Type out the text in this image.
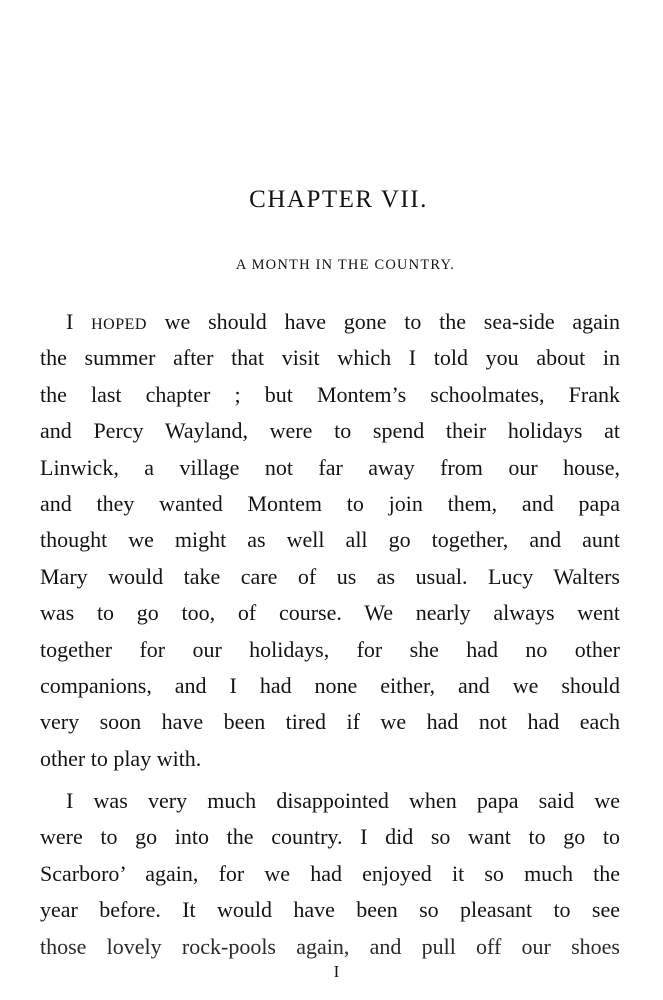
CHAPTER VII.
A MONTH IN THE COUNTRY.
I HOPED we should have gone to the sea-side again
the summer after that visit which I told you about in
the last chapter ; but Montem’s schoolmates, Frank
and Percy Wayland, were to spend their holidays at
Linwick, a village not far away from our house,
and they wanted Montem to join them, and papa
thought we might as well all go together, and aunt
Mary would take care of us as usual. Lucy Walters
was to go too, of course. We nearly always went
together for our holidays, for she had no other
companions, and I had none either, and we should
very soon have been tired if we had not had each
other to play with.
I was very much disappointed when papa said we
were to go into the country. I did so want to go to
Scarboro’ again, for we had enjoyed it so much the
year before. It would have been so pleasant to see
those lovely rock-pools again, and pull off our shoes
I
